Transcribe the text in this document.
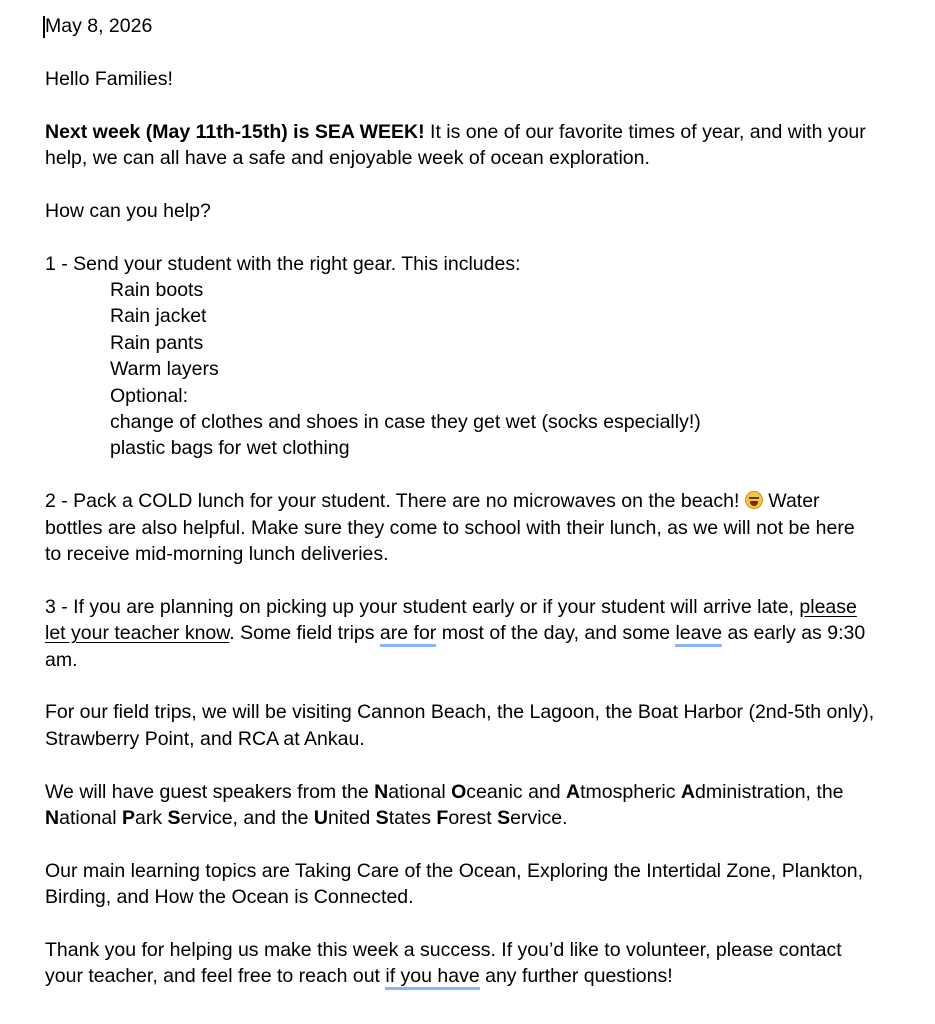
May 8, 2026
Hello Families!
Next week (May 11th-15th) is SEA WEEK! It is one of our favorite times of year, and with your
help, we can all have a safe and enjoyable week of ocean exploration.
How can you help?
1 - Send your student with the right gear. This includes:
Rain boots
Rain jacket
Rain pants
Warm layers
Optional:
change of clothes and shoes in case they get wet (socks especially!)
plastic bags for wet clothing
2 - Pack a COLD lunch for your student. There are no microwaves on the beach!  Water
bottles are also helpful. Make sure they come to school with their lunch, as we will not be here
to receive mid-morning lunch deliveries.
3 - If you are planning on picking up your student early or if your student will arrive late, please
let your teacher know. Some field trips are for most of the day, and some leave as early as 9:30
am.
For our field trips, we will be visiting Cannon Beach, the Lagoon, the Boat Harbor (2nd-5th only),
Strawberry Point, and RCA at Ankau.
We will have guest speakers from the National Oceanic and Atmospheric Administration, the
National Park Service, and the United States Forest Service.
Our main learning topics are Taking Care of the Ocean, Exploring the Intertidal Zone, Plankton,
Birding, and How the Ocean is Connected.
Thank you for helping us make this week a success. If you’d like to volunteer, please contact
your teacher, and feel free to reach out if you have any further questions!
